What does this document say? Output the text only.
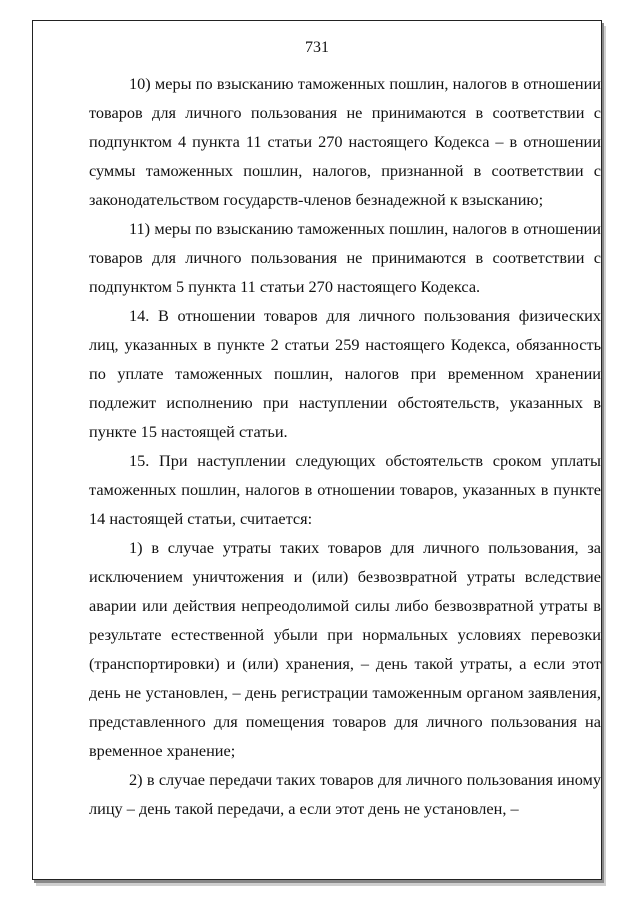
731

10) меры по взысканию таможенных пошлин, налогов в отношении товаров для личного пользования не принимаются в соответствии с подпунктом 4 пункта 11 статьи 270 настоящего Кодекса – в отношении суммы таможенных пошлин, налогов, признанной в соответствии с законодательством государств-членов безнадежной к взысканию;

11) меры по взысканию таможенных пошлин, налогов в отношении товаров для личного пользования не принимаются в соответствии с подпунктом 5 пункта 11 статьи 270 настоящего Кодекса.

14. В отношении товаров для личного пользования физических лиц, указанных в пункте 2 статьи 259 настоящего Кодекса, обязанность по уплате таможенных пошлин, налогов при временном хранении подлежит исполнению при наступлении обстоятельств, указанных в пункте 15 настоящей статьи.

15. При наступлении следующих обстоятельств сроком уплаты таможенных пошлин, налогов в отношении товаров, указанных в пункте 14 настоящей статьи, считается:

1) в случае утраты таких товаров для личного пользования, за исключением уничтожения и (или) безвозвратной утраты вследствие аварии или действия непреодолимой силы либо безвозвратной утраты в результате естественной убыли при нормальных условиях перевозки (транспортировки) и (или) хранения, – день такой утраты, а если этот день не установлен, – день регистрации таможенным органом заявления, представленного для помещения товаров для личного пользования на временное хранение;

2) в случае передачи таких товаров для личного пользования иному лицу – день такой передачи, а если этот день не установлен, –
